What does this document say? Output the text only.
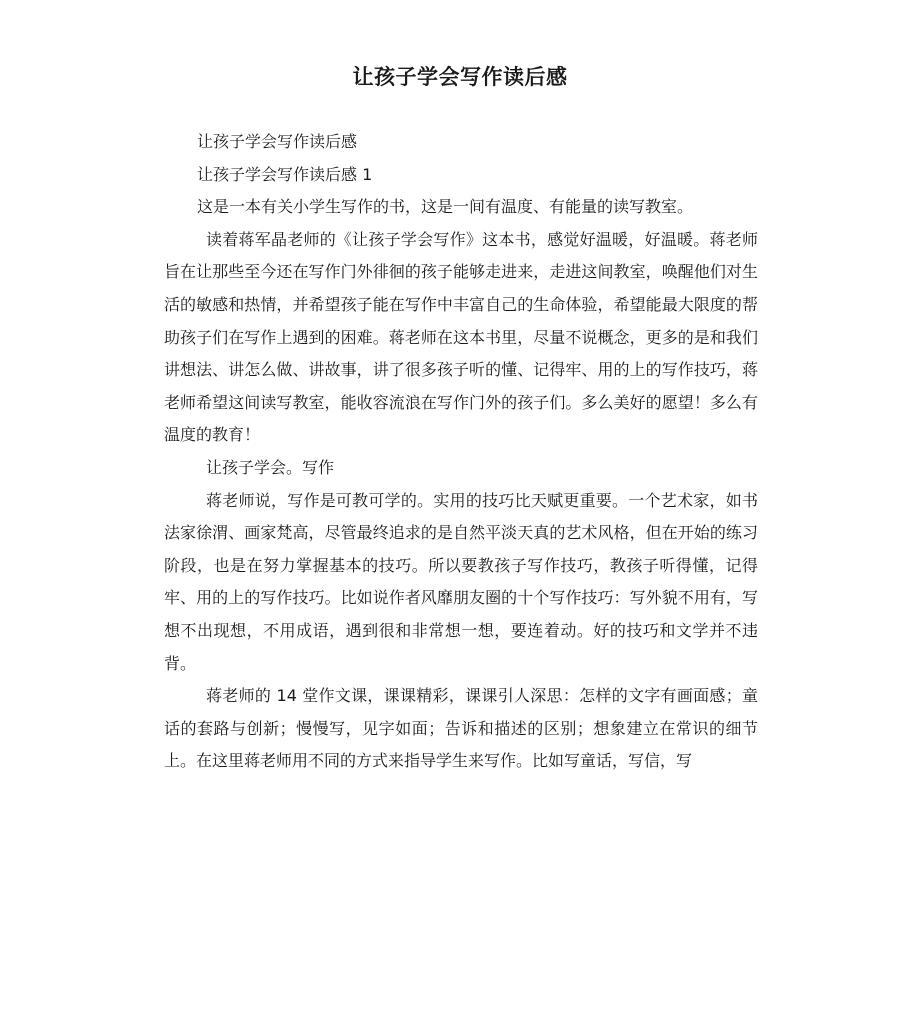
让孩子学会写作读后感

让孩子学会写作读后感

让孩子学会写作读后感 1

这是一本有关小学生写作的书，这是一间有温度、有能量的读写教室。

读着蒋军晶老师的《让孩子学会写作》这本书，感觉好温暖，好温暖。蒋老师旨在让那些至今还在写作门外徘徊的孩子能够走进来，走进这间教室，唤醒他们对生活的敏感和热情，并希望孩子能在写作中丰富自己的生命体验，希望能最大限度的帮助孩子们在写作上遇到的困难。蒋老师在这本书里，尽量不说概念，更多的是和我们讲想法、讲怎么做、讲故事，讲了很多孩子听的懂、记得牢、用的上的写作技巧，蒋老师希望这间读写教室，能收容流浪在写作门外的孩子们。多么美好的愿望！多么有温度的教育！

让孩子学会。写作

蒋老师说，写作是可教可学的。实用的技巧比天赋更重要。一个艺术家，如书法家徐渭、画家梵高，尽管最终追求的是自然平淡天真的艺术风格，但在开始的练习阶段，也是在努力掌握基本的技巧。所以要教孩子写作技巧，教孩子听得懂，记得牢、用的上的写作技巧。比如说作者风靡朋友圈的十个写作技巧：写外貌不用有，写想不出现想，不用成语，遇到很和非常想一想，要连着动。好的技巧和文学并不违背。

蒋老师的 14 堂作文课，课课精彩，课课引人深思：怎样的文字有画面感；童话的套路与创新；慢慢写，见字如面；告诉和描述的区别；想象建立在常识的细节上。在这里蒋老师用不同的方式来指导学生来写作。比如写童话，写信，写
